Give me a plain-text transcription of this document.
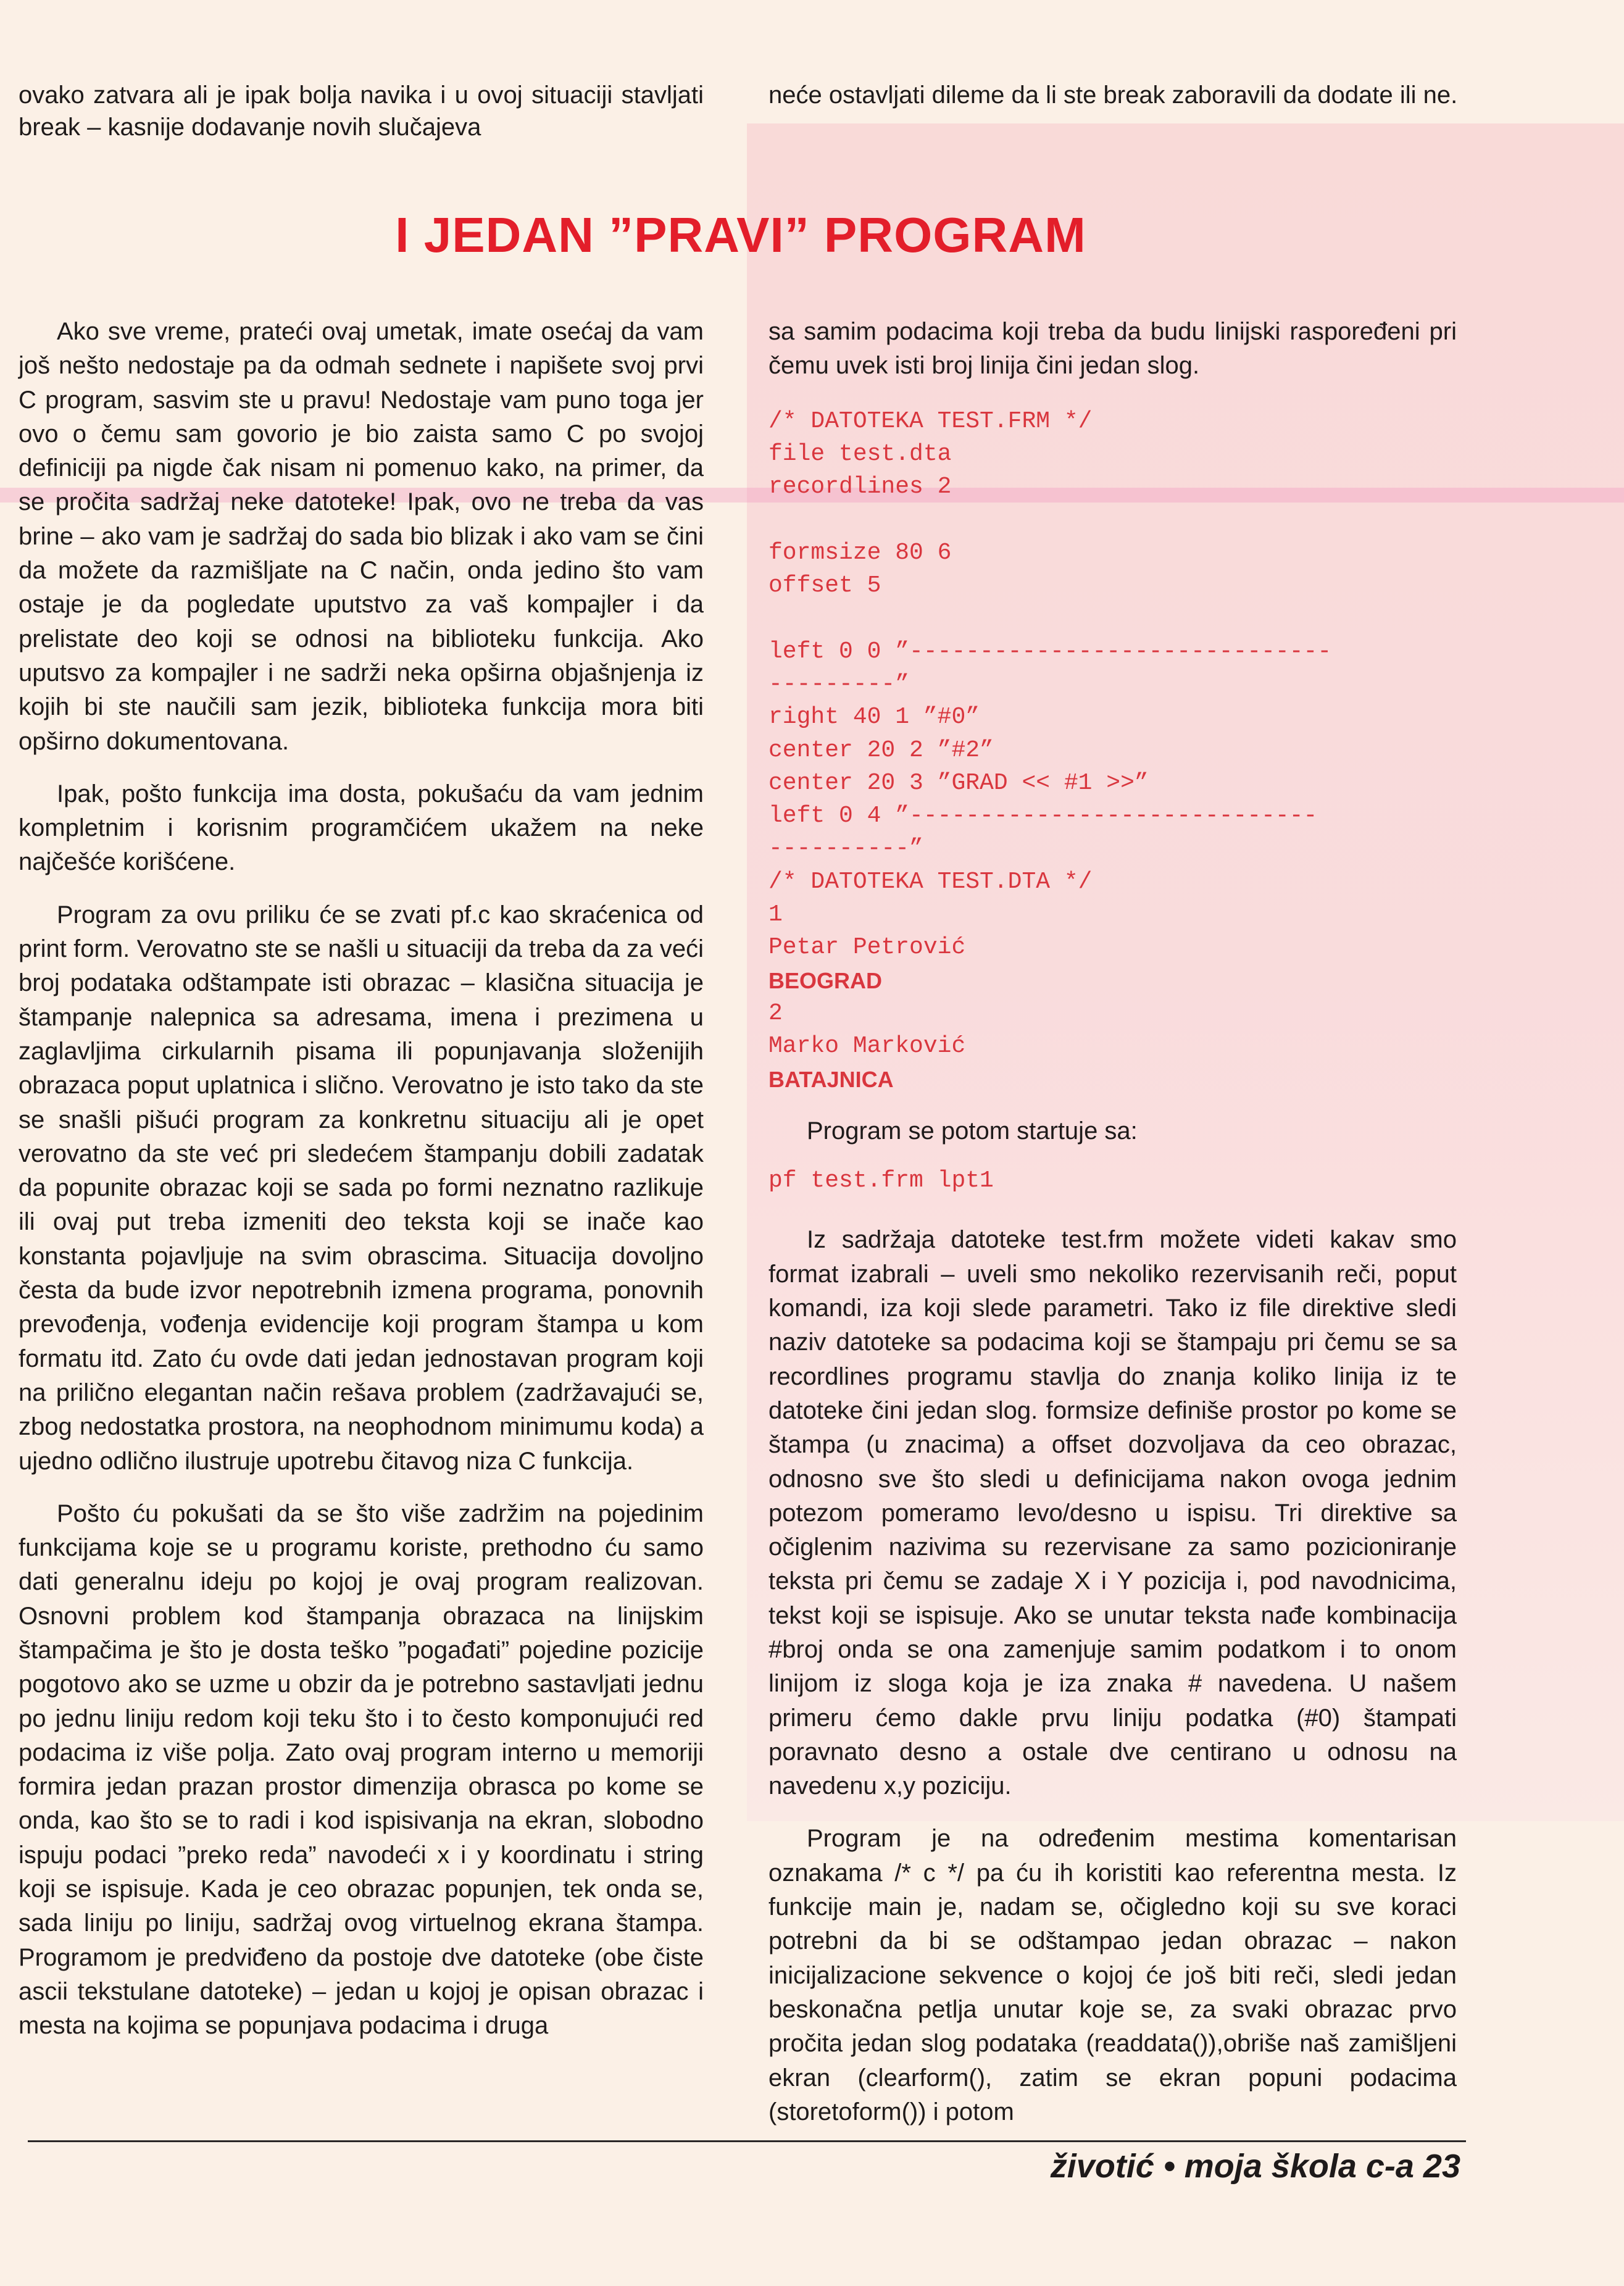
ovako zatvara ali je ipak bolja navika i u ovoj situaciji stavljati break – kasnije dodavanje novih slučajeva

neće ostavljati dileme da li ste break zaboravili da dodate ili ne.

I JEDAN ”PRAVI” PROGRAM

Ako sve vreme, prateći ovaj umetak, imate osećaj da vam još nešto nedostaje pa da odmah sednete i napišete svoj prvi C program, sasvim ste u pravu! Nedostaje vam puno toga jer ovo o čemu sam govorio je bio zaista samo C po svojoj definiciji pa nigde čak nisam ni pomenuo kako, na primer, da se pročita sadržaj neke datoteke! Ipak, ovo ne treba da vas brine – ako vam je sadržaj do sada bio blizak i ako vam se čini da možete da razmišljate na C način, onda jedino što vam ostaje je da pogledate uputstvo za vaš kompajler i da prelistate deo koji se odnosi na biblioteku funkcija. Ako uputsvo za kompajler i ne sadrži neka opširna objašnjenja iz kojih bi ste naučili sam jezik, biblioteka funkcija mora biti opširno dokumentovana.

Ipak, pošto funkcija ima dosta, pokušaću da vam jednim kompletnim i korisnim programčićem ukažem na neke najčešće korišćene.

Program za ovu priliku će se zvati pf.c kao skraćenica od print form. Verovatno ste se našli u situaciji da treba da za veći broj podataka odštampate isti obrazac – klasična situacija je štampanje nalepnica sa adresama, imena i prezimena u zaglavljima cirkularnih pisama ili popunjavanja složenijih obrazaca poput uplatnica i slično. Verovatno je isto tako da ste se snašli pišući program za konkretnu situaciju ali je opet verovatno da ste već pri sledećem štampanju dobili zadatak da popunite obrazac koji se sada po formi neznatno razlikuje ili ovaj put treba izmeniti deo teksta koji se inače kao konstanta pojavljuje na svim obrascima. Situacija dovoljno česta da bude izvor nepotrebnih izmena programa, ponovnih prevođenja, vođenja evidencije koji program štampa u kom formatu itd. Zato ću ovde dati jedan jednostavan program koji na prilično elegantan način rešava problem (zadržavajući se, zbog nedostatka prostora, na neophodnom minimumu koda) a ujedno odlično ilustruje upotrebu čitavog niza C funkcija.

Pošto ću pokušati da se što više zadržim na pojedinim funkcijama koje se u programu koriste, prethodno ću samo dati generalnu ideju po kojoj je ovaj program realizovan. Osnovni problem kod štampanja obrazaca na linijskim štampačima je što je dosta teško ”pogađati” pojedine pozicije pogotovo ako se uzme u obzir da je potrebno sastavljati jednu po jednu liniju redom koji teku što i to često komponujući red podacima iz više polja. Zato ovaj program interno u memoriji formira jedan prazan prostor dimenzija obrasca po kome se onda, kao što se to radi i kod ispisivanja na ekran, slobodno ispuju podaci ”preko reda” navodeći x i y koordinatu i string koji se ispisuje. Kada je ceo obrazac popunjen, tek onda se, sada liniju po liniju, sadržaj ovog virtuelnog ekrana štampa. Programom je predviđeno da postoje dve datoteke (obe čiste ascii tekstulane datoteke) – jedan u kojoj je opisan obrazac i mesta na kojima se popunjava podacima i druga

sa samim podacima koji treba da budu linijski raspoređeni pri čemu uvek isti broj linija čini jedan slog.

/* DATOTEKA TEST.FRM */
file test.dta
recordlines 2

formsize 80 6
offset 5

left 0 0 ”------------------------------
---------”
right 40 1 ”#0”
center 20 2 ”#2”
center 20 3 ”GRAD << #1 >>”
left 0 4 ”-----------------------------
----------”
/* DATOTEKA TEST.DTA */
1
Petar Petrović
BEOGRAD
2
Marko Marković
BATAJNICA

Program se potom startuje sa:

pf test.frm lpt1

Iz sadržaja datoteke test.frm možete videti kakav smo format izabrali – uveli smo nekoliko rezervisanih reči, poput komandi, iza koji slede parametri. Tako iz file direktive sledi naziv datoteke sa podacima koji se štampaju pri čemu se sa recordlines programu stavlja do znanja koliko linija iz te datoteke čini jedan slog. formsize definiše prostor po kome se štampa (u znacima) a offset dozvoljava da ceo obrazac, odnosno sve što sledi u definicijama nakon ovoga jednim potezom pomeramo levo/desno u ispisu. Tri direktive sa očiglenim nazivima su rezervisane za samo pozicioniranje teksta pri čemu se zadaje X i Y pozicija i, pod navodnicima, tekst koji se ispisuje. Ako se unutar teksta nađe kombinacija #broj onda se ona zamenjuje samim podatkom i to onom linijom iz sloga koja je iza znaka # navedena. U našem primeru ćemo dakle prvu liniju podatka (#0) štampati poravnato desno a ostale dve centirano u odnosu na navedenu x,y poziciju.

Program je na određenim mestima komentarisan oznakama /* c */ pa ću ih koristiti kao referentna mesta. Iz funkcije main je, nadam se, očigledno koji su sve koraci potrebni da bi se odštampao jedan obrazac – nakon inicijalizacione sekvence o kojoj će još biti reči, sledi jedan beskonačna petlja unutar koje se, za svaki obrazac prvo pročita jedan slog podataka (readdata()),obriše naš zamišljeni ekran (clearform(), zatim se ekran popuni podacima (storetoform()) i potom

životić • moja škola c-a 23
